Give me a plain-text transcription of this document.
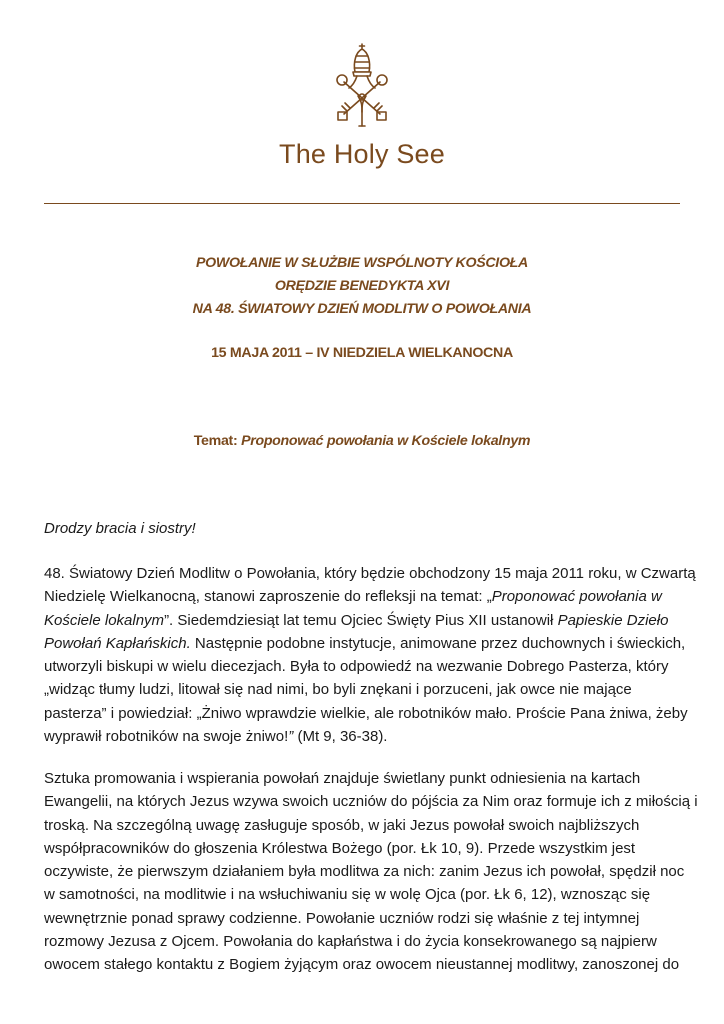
The Holy See
POWOŁANIE W SŁUŻBIE WSPÓLNOTY KOŚCIOŁA
ORĘDZIE BENEDYKTA XVI
NA 48. ŚWIATOWY DZIEŃ MODLITW O POWOŁANIA
15 MAJA 2011 – IV NIEDZIELA WIELKANOCNA
Temat: Proponować powołania w Kościele lokalnym
Drodzy bracia i siostry!
48. Światowy Dzień Modlitw o Powołania, który będzie obchodzony 15 maja 2011 roku, w Czwartą
Niedzielę Wielkanocną, stanowi zaproszenie do refleksji na temat: „Proponować powołania w
Kościele lokalnym”. Siedemdziesiąt lat temu Ojciec Święty Pius XII ustanowił Papieskie Dzieło
Powołań Kapłańskich. Następnie podobne instytucje, animowane przez duchownych i świeckich,
utworzyli biskupi w wielu diecezjach. Była to odpowiedź na wezwanie Dobrego Pasterza, który
„widząc tłumy ludzi, litował się nad nimi, bo byli znękani i porzuceni, jak owce nie mające
pasterza” i powiedział: „Żniwo wprawdzie wielkie, ale robotników mało. Proście Pana żniwa, żeby
wyprawił robotników na swoje żniwo!” (Mt 9, 36-38).
Sztuka promowania i wspierania powołań znajduje świetlany punkt odniesienia na kartach
Ewangelii, na których Jezus wzywa swoich uczniów do pójścia za Nim oraz formuje ich z miłością i
troską. Na szczególną uwagę zasługuje sposób, w jaki Jezus powołał swoich najbliższych
współpracowników do głoszenia Królestwa Bożego (por. Łk 10, 9). Przede wszystkim jest
oczywiste, że pierwszym działaniem była modlitwa za nich: zanim Jezus ich powołał, spędził noc
w samotności, na modlitwie i na wsłuchiwaniu się w wolę Ojca (por. Łk 6, 12), wznosząc się
wewnętrznie ponad sprawy codzienne. Powołanie uczniów rodzi się właśnie z tej intymnej
rozmowy Jezusa z Ojcem. Powołania do kapłaństwa i do życia konsekrowanego są najpierw
owocem stałego kontaktu z Bogiem żyjącym oraz owocem nieustannej modlitwy, zanoszonej do
